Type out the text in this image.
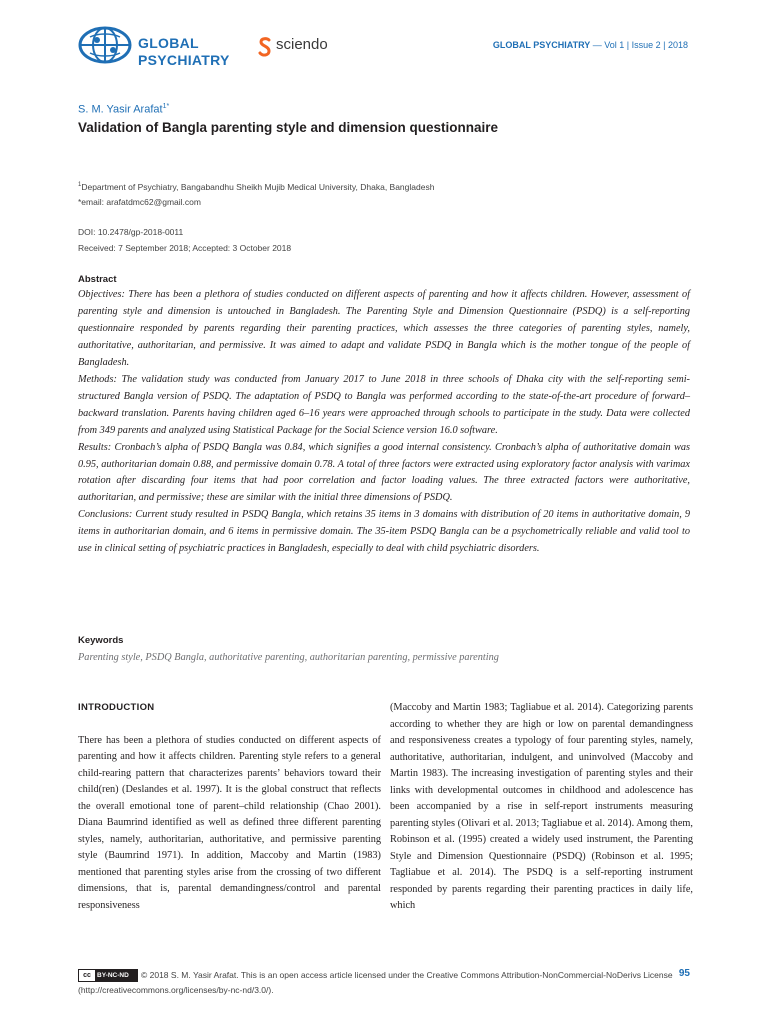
GLOBAL
PSYCHIATRY
sciendo	GLOBAL PSYCHIATRY — Vol 1 | Issue 2 | 2018
S. M. Yasir Arafat$^{1*}$
Validation of Bangla parenting style and dimension questionnaire
$^1$Department of Psychiatry, Bangabandhu Sheikh Mujib Medical University, Dhaka, Bangladesh
*email: arafatdmc62@gmail.com
DOI: 10.2478/gp-2018-0011
Received: 7 September 2018; Accepted: 3 October 2018
Abstract

Objectives: There has been a plethora of studies conducted on different aspects of parenting and how it affects children. However, assessment of parenting style and dimension is untouched in Bangladesh. The Parenting Style and Dimension Questionnaire (PSDQ) is a self-reporting questionnaire responded by parents regarding their parenting practices, which assesses the three categories of parenting styles, namely, authoritative, authoritarian, and permissive. It was aimed to adapt and validate PSDQ in Bangla which is the mother tongue of the people of Bangladesh.

Methods: The validation study was conducted from January 2017 to June 2018 in three schools of Dhaka city with the self-reporting semi-structured Bangla version of PSDQ. The adaptation of PSDQ to Bangla was performed according to the state-of-the-art procedure of forward–backward translation. Parents having children aged 6–16 years were approached through schools to participate in the study. Data were collected from 349 parents and analyzed using Statistical Package for the Social Science version 16.0 software.

Results: Cronbach’s alpha of PSDQ Bangla was 0.84, which signifies a good internal consistency. Cronbach’s alpha of authoritative domain was 0.95, authoritarian domain 0.88, and permissive domain 0.78. A total of three factors were extracted using exploratory factor analysis with varimax rotation after discarding four items that had poor correlation and factor loading values. The three extracted factors were authoritative, authoritarian, and permissive; these are similar with the initial three dimensions of PSDQ.

Conclusions: Current study resulted in PSDQ Bangla, which retains 35 items in 3 domains with distribution of 20 items in authoritative domain, 9 items in authoritarian domain, and 6 items in permissive domain. The 35-item PSDQ Bangla can be a psychometrically reliable and valid tool to use in clinical setting of psychiatric practices in Bangladesh, especially to deal with child psychiatric disorders.

Keywords
Parenting style, PSDQ Bangla, authoritative parenting, authoritarian parenting, permissive parenting
INTRODUCTION

There has been a plethora of studies conducted on different aspects of parenting and how it affects children. Parenting style refers to a general child-rearing pattern that characterizes parents’ behaviors toward their child(ren) (Deslandes et al. 1997). It is the global construct that reflects the overall emotional tone of parent–child relationship (Chao 2001). Diana Baumrind identified as well as defined three different parenting styles, namely, authoritarian, authoritative, and permissive parenting style (Baumrind 1971). In addition, Maccoby and Martin (1983) mentioned that parenting styles arise from the crossing of two different dimensions, that is, parental demandingness/control and parental responsiveness

(Maccoby and Martin 1983; Tagliabue et al. 2014). Categorizing parents according to whether they are high or low on parental demandingness and responsiveness creates a typology of four parenting styles, namely, authoritative, authoritarian, indulgent, and uninvolved (Maccoby and Martin 1983). The increasing investigation of parenting styles and their links with developmental outcomes in childhood and adolescence has been accompanied by a rise in self-report instruments measuring parenting styles (Olivari et al. 2013; Tagliabue et al. 2014). Among them, Robinson et al. (1995) created a widely used instrument, the Parenting Style and Dimension Questionnaire (PSDQ) (Robinson et al. 1995; Tagliabue et al. 2014). The PSDQ is a self-reporting instrument responded by parents regarding their parenting practices in daily life, which

cc BY-NC-ND © 2018 S. M. Yasir Arafat. This is an open access article licensed under the Creative Commons Attribution-NonCommercial-NoDerivs License (http://creativecommons.org/licenses/by-nc-nd/3.0/).
95
